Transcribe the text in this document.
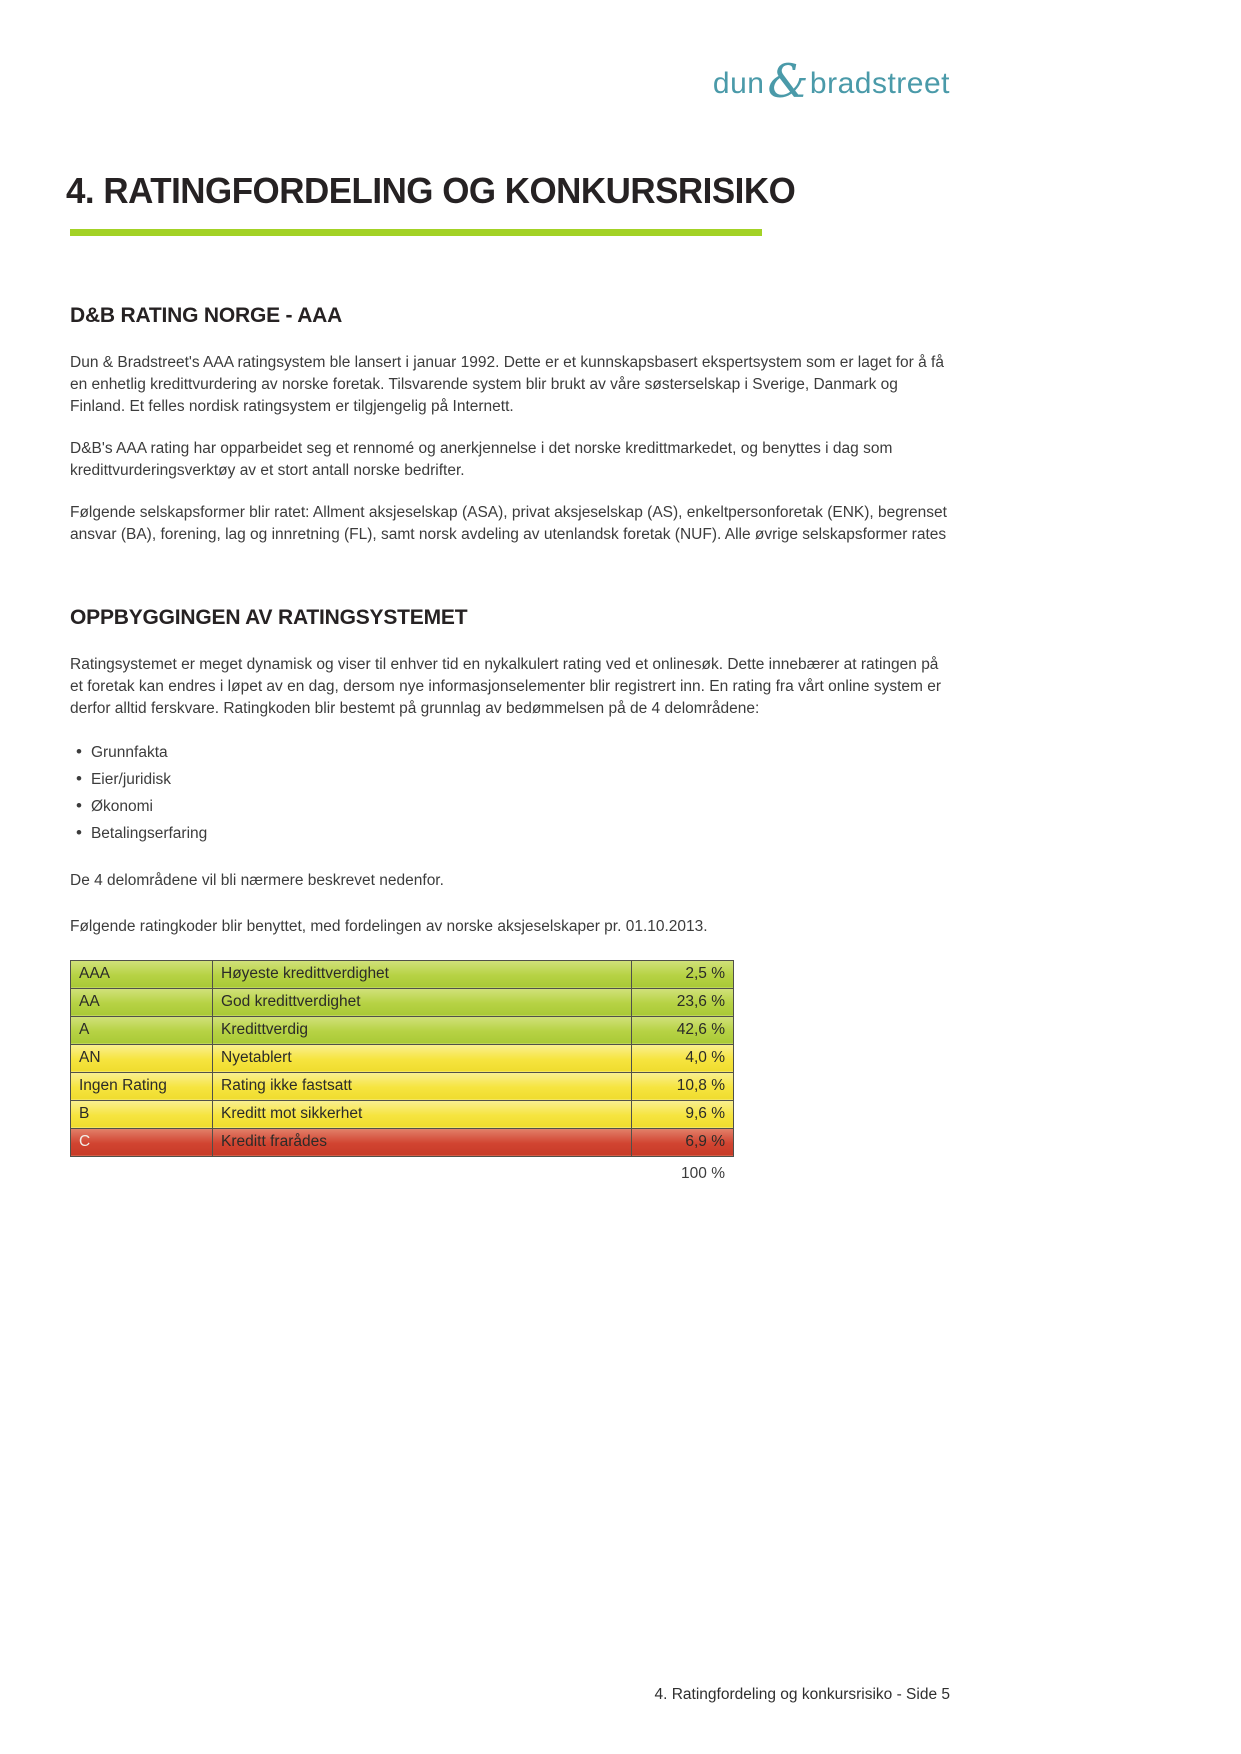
dun & bradstreet
4. RATINGFORDELING OG KONKURSRISIKO
D&B RATING NORGE - AAA

Dun & Bradstreet's AAA ratingsystem ble lansert i januar 1992. Dette er et kunnskapsbasert ekspertsystem som er laget for å få en enhetlig kredittvurdering av norske foretak. Tilsvarende system blir brukt av våre søsterselskap i Sverige, Danmark og Finland. Et felles nordisk ratingsystem er tilgjengelig på Internett.

D&B's AAA rating har opparbeidet seg et rennomé og anerkjennelse i det norske kredittmarkedet, og benyttes i dag som kredittvurderingsverktøy av et stort antall norske bedrifter.

Følgende selskapsformer blir ratet: Allment aksjeselskap (ASA), privat aksjeselskap (AS), enkeltpersonforetak (ENK), begrenset ansvar (BA), forening, lag og innretning (FL), samt norsk avdeling av utenlandsk foretak (NUF). Alle øvrige selskapsformer rates

OPPBYGGINGEN AV RATINGSYSTEMET

Ratingsystemet er meget dynamisk og viser til enhver tid en nykalkulert rating ved et onlinesøk. Dette innebærer at ratingen på et foretak kan endres i løpet av en dag, dersom nye informasjonselementer blir registrert inn. En rating fra vårt online system er derfor alltid ferskvare. Ratingkoden blir bestemt på grunnlag av bedømmelsen på de 4 delområdene:

• Grunnfakta
• Eier/juridisk
• Økonomi
• Betalingserfaring

De 4 delområdene vil bli nærmere beskrevet nedenfor.

Følgende ratingkoder blir benyttet, med fordelingen av norske aksjeselskaper pr. 01.10.2013.

AAA	Høyeste kredittverdighet	2,5 %
AA	God kredittverdighet	23,6 %
A	Kredittverdig	42,6 %
AN	Nyetablert	4,0 %
Ingen Rating	Rating ikke fastsatt	10,8 %
B	Kreditt mot sikkerhet	9,6 %
C	Kreditt frarådes	6,9 %
100 %
4. Ratingfordeling og konkursrisiko - Side 5
